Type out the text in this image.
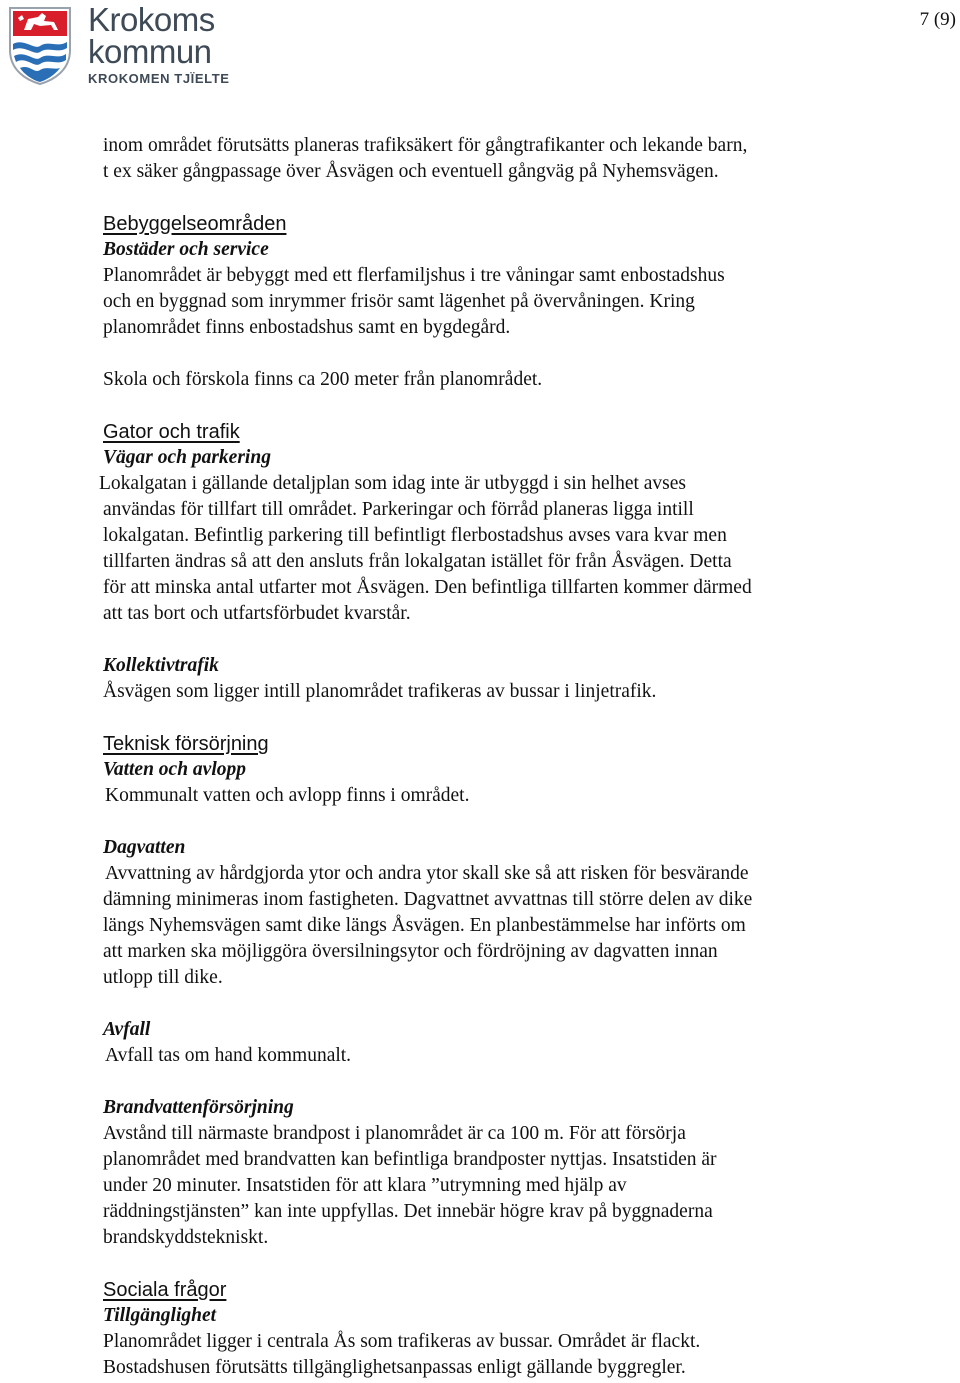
Krokoms
kommun
KROKOMEN TJÏELTE
7 (9)

inom området förutsätts planeras trafiksäkert för gångtrafikanter och lekande barn,

t ex säker gångpassage över Åsvägen och eventuell gångväg på Nyhemsvägen.

Bebyggelseområden

Bostäder och service

Planområdet är bebyggt med ett flerfamiljshus i tre våningar samt enbostadshus

och en byggnad som inrymmer frisör samt lägenhet på övervåningen. Kring

planområdet finns enbostadshus samt en bygdegård.

Skola och förskola finns ca 200 meter från planområdet.

Gator och trafik

Vägar och parkering

Lokalgatan i gällande detaljplan som idag inte är utbyggd i sin helhet avses

användas för tillfart till området. Parkeringar och förråd planeras ligga intill

lokalgatan. Befintlig parkering till befintligt flerbostadshus avses vara kvar men

tillfarten ändras så att den ansluts från lokalgatan istället för från Åsvägen. Detta

för att minska antal utfarter mot Åsvägen. Den befintliga tillfarten kommer därmed

att tas bort och utfartsförbudet kvarstår.

Kollektivtrafik

Åsvägen som ligger intill planområdet trafikeras av bussar i linjetrafik.

Teknisk försörjning

Vatten och avlopp

Kommunalt vatten och avlopp finns i området.

Dagvatten

Avvattning av hårdgjorda ytor och andra ytor skall ske så att risken för besvärande

dämning minimeras inom fastigheten. Dagvattnet avvattnas till större delen av dike

längs Nyhemsvägen samt dike längs Åsvägen. En planbestämmelse har införts om

att marken ska möjliggöra översilningsytor och fördröjning av dagvatten innan

utlopp till dike.

Avfall

Avfall tas om hand kommunalt.

Brandvattenförsörjning

Avstånd till närmaste brandpost i planområdet är ca 100 m. För att försörja

planområdet med brandvatten kan befintliga brandposter nyttjas. Insatstiden är

under 20 minuter. Insatstiden för att klara ”utrymning med hjälp av

räddningstjänsten” kan inte uppfyllas. Det innebär högre krav på byggnaderna

brandskyddstekniskt.

Sociala frågor

Tillgänglighet

Planområdet ligger i centrala Ås som trafikeras av bussar. Området är flackt.

Bostadshusen förutsätts tillgänglighetsanpassas enligt gällande byggregler.
